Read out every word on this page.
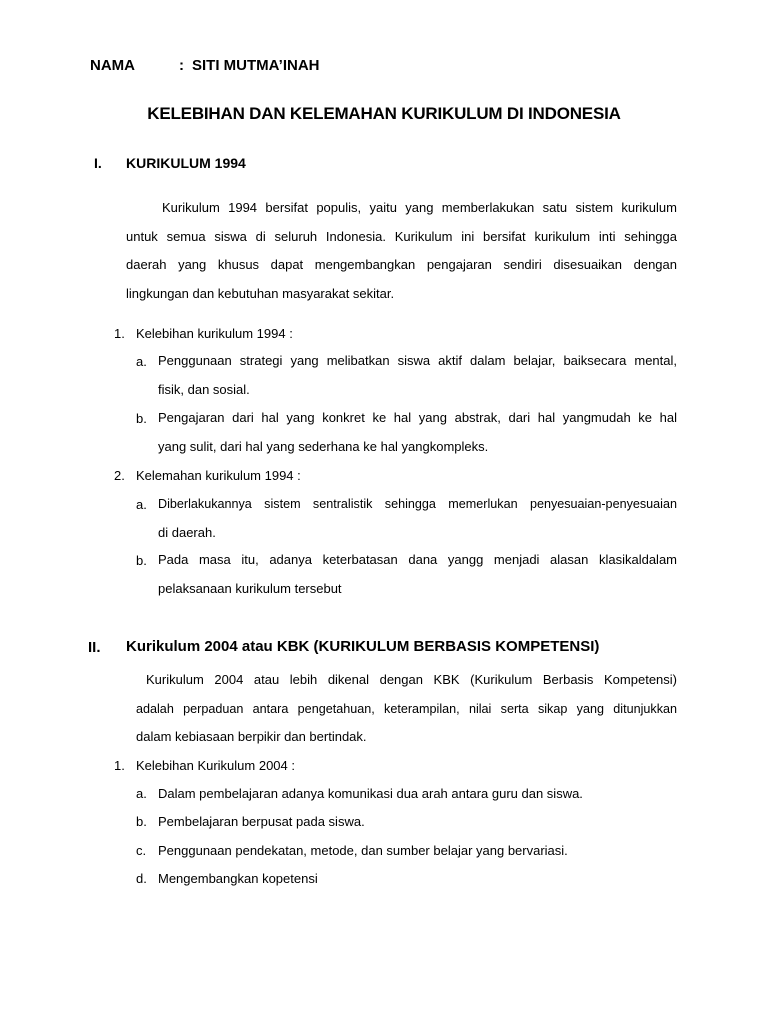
NAMA	: SITI MUTMA’INAH
KELEBIHAN DAN KELEMAHAN KURIKULUM DI INDONESIA
I. KURIKULUM 1994
Kurikulum 1994 bersifat populis, yaitu yang memberlakukan satu sistem kurikulum
untuk semua siswa di seluruh Indonesia. Kurikulum ini bersifat kurikulum inti sehingga
daerah yang khusus dapat mengembangkan pengajaran sendiri disesuaikan dengan
lingkungan dan kebutuhan masyarakat sekitar.
1. Kelebihan kurikulum 1994 :
a. Penggunaan strategi yang melibatkan siswa aktif dalam belajar, baiksecara mental,
fisik, dan sosial.
b. Pengajaran dari hal yang konkret ke hal yang abstrak, dari hal yangmudah ke hal
yang sulit, dari hal yang sederhana ke hal yangkompleks.
2. Kelemahan kurikulum 1994 :
a. Diberlakukannya sistem sentralistik sehingga memerlukan penyesuaian-penyesuaian
di daerah.
b. Pada masa itu, adanya keterbatasan dana yangg menjadi alasan klasikaldalam
pelaksanaan kurikulum tersebut
II. Kurikulum 2004 atau KBK (KURIKULUM BERBASIS KOMPETENSI)
Kurikulum 2004 atau lebih dikenal dengan KBK (Kurikulum Berbasis Kompetensi)
adalah perpaduan antara pengetahuan, keterampilan, nilai serta sikap yang ditunjukkan
dalam kebiasaan berpikir dan bertindak.
1. Kelebihan Kurikulum 2004 :
a. Dalam pembelajaran adanya komunikasi dua arah antara guru dan siswa.
b. Pembelajaran berpusat pada siswa.
c. Penggunaan pendekatan, metode, dan sumber belajar yang bervariasi.
d. Mengembangkan kopetensi
